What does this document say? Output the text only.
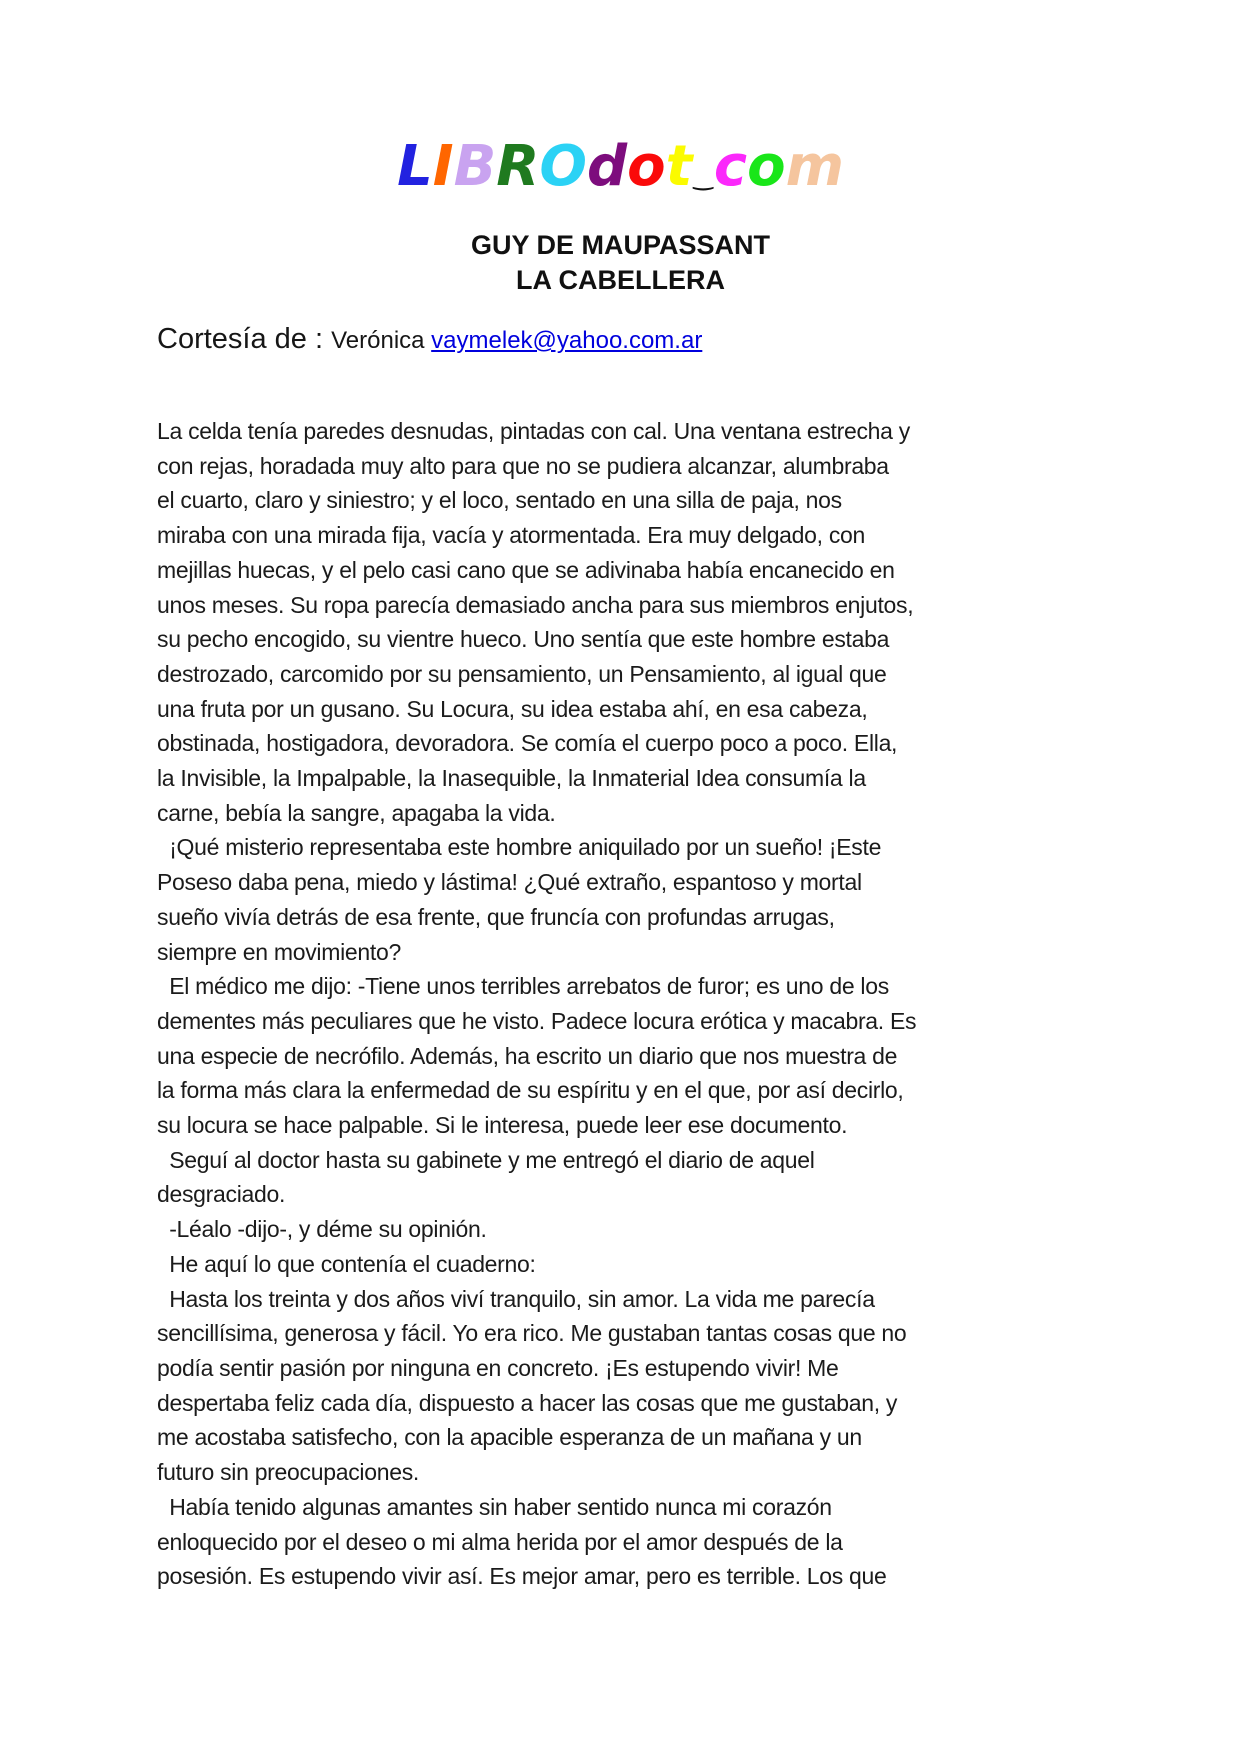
LIBROdot‿com
GUY DE MAUPASSANT
LA CABELLERA
Cortesía de : Verónica vaymelek@yahoo.com.ar
La celda tenía paredes desnudas, pintadas con cal. Una ventana estrecha y
con rejas, horadada muy alto para que no se pudiera alcanzar, alumbraba
el cuarto, claro y siniestro; y el loco, sentado en una silla de paja, nos
miraba con una mirada fija, vacía y atormentada. Era muy delgado, con
mejillas huecas, y el pelo casi cano que se adivinaba había encanecido en
unos meses. Su ropa parecía demasiado ancha para sus miembros enjutos,
su pecho encogido, su vientre hueco. Uno sentía que este hombre estaba
destrozado, carcomido por su pensamiento, un Pensamiento, al igual que
una fruta por un gusano. Su Locura, su idea estaba ahí, en esa cabeza,
obstinada, hostigadora, devoradora. Se comía el cuerpo poco a poco. Ella,
la Invisible, la Impalpable, la Inasequible, la Inmaterial Idea consumía la
carne, bebía la sangre, apagaba la vida.
¡Qué misterio representaba este hombre aniquilado por un sueño! ¡Este
Poseso daba pena, miedo y lástima! ¿Qué extraño, espantoso y mortal
sueño vivía detrás de esa frente, que fruncía con profundas arrugas,
siempre en movimiento?
El médico me dijo: -Tiene unos terribles arrebatos de furor; es uno de los
dementes más peculiares que he visto. Padece locura erótica y macabra. Es
una especie de necrófilo. Además, ha escrito un diario que nos muestra de
la forma más clara la enfermedad de su espíritu y en el que, por así decirlo,
su locura se hace palpable. Si le interesa, puede leer ese documento.
Seguí al doctor hasta su gabinete y me entregó el diario de aquel
desgraciado.
-Léalo -dijo-, y déme su opinión.
He aquí lo que contenía el cuaderno:
Hasta los treinta y dos años viví tranquilo, sin amor. La vida me parecía
sencillísima, generosa y fácil. Yo era rico. Me gustaban tantas cosas que no
podía sentir pasión por ninguna en concreto. ¡Es estupendo vivir! Me
despertaba feliz cada día, dispuesto a hacer las cosas que me gustaban, y
me acostaba satisfecho, con la apacible esperanza de un mañana y un
futuro sin preocupaciones.
Había tenido algunas amantes sin haber sentido nunca mi corazón
enloquecido por el deseo o mi alma herida por el amor después de la
posesión. Es estupendo vivir así. Es mejor amar, pero es terrible. Los que
